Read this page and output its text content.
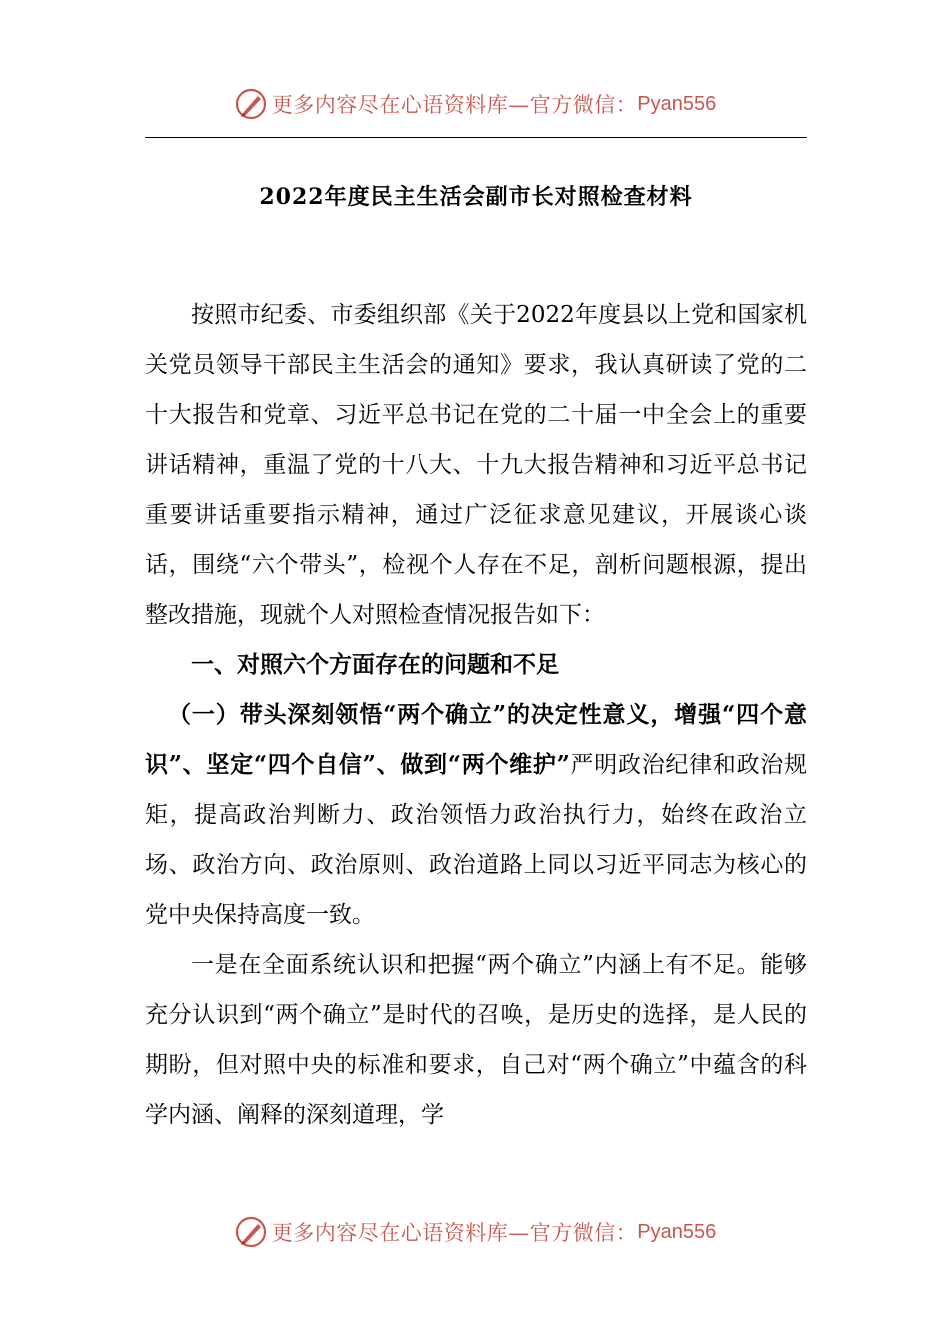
更多内容尽在心语资料库—官方微信： Pyan556
2022年度民主生活会副市长对照检查材料

按照市纪委、市委组织部《关于2022年度县以上党和国家机关党员领导干部民主生活会的通知》要求，我认真研读了党的二十大报告和党章、习近平总书记在党的二十届一中全会上的重要讲话精神，重温了党的十八大、十九大报告精神和习近平总书记重要讲话重要指示精神，通过广泛征求意见建议，开展谈心谈话，围绕“六个带头”，检视个人存在不足，剖析问题根源，提出整改措施，现就个人对照检查情况报告如下：

一、对照六个方面存在的问题和不足

（一）带头深刻领悟“两个确立”的决定性意义，增强“四个意识”、坚定“四个自信”、做到“两个维护”严明政治纪律和政治规矩，提高政治判断力、政治领悟力政治执行力，始终在政治立场、政治方向、政治原则、政治道路上同以习近平同志为核心的党中央保持高度一致。

一是在全面系统认识和把握“两个确立”内涵上有不足。能够充分认识到“两个确立”是时代的召唤，是历史的选择，是人民的期盼，但对照中央的标准和要求，自己对“两个确立”中蕴含的科学内涵、阐释的深刻道理，学

更多内容尽在心语资料库—官方微信： Pyan556
